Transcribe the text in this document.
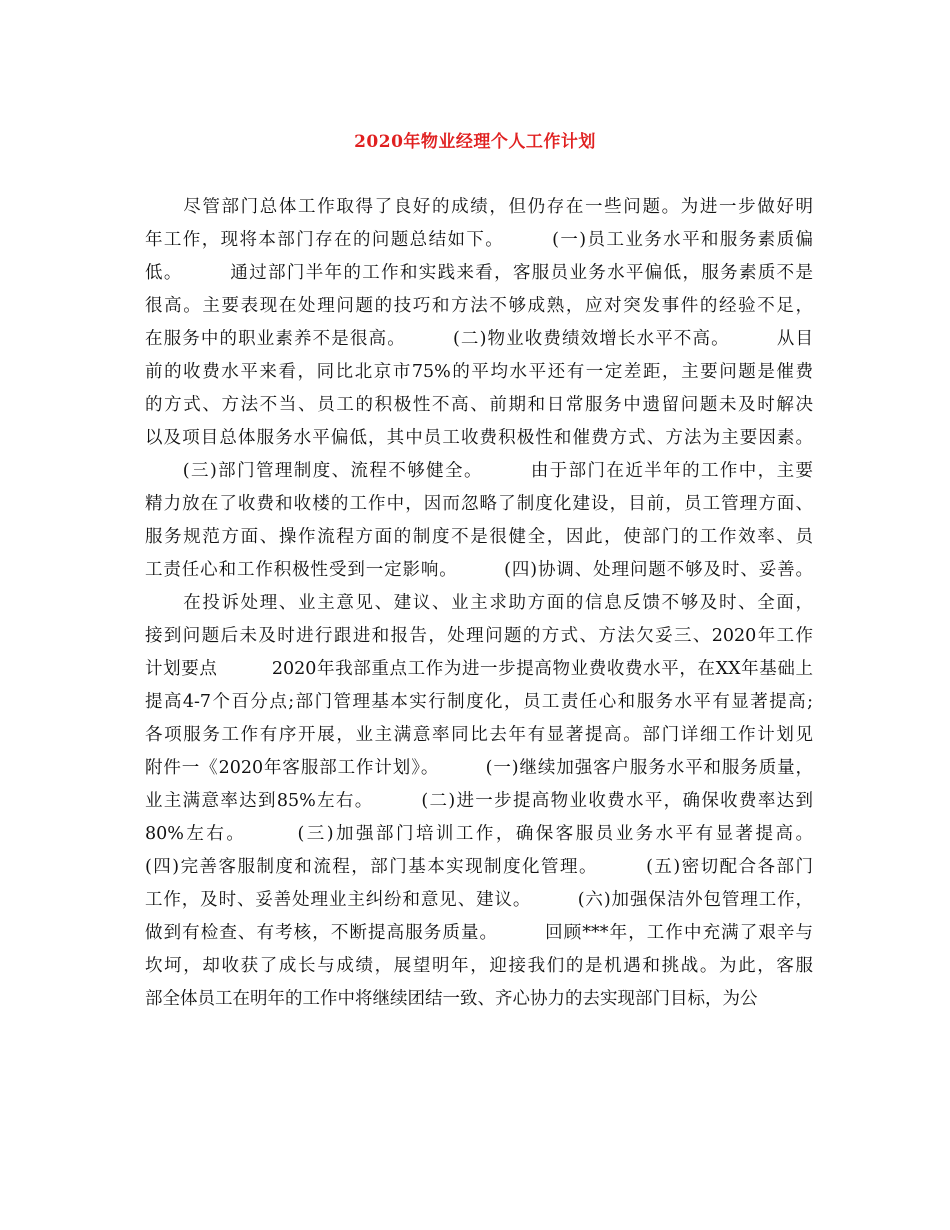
2020年物业经理个人工作计划
　　尽管部门总体工作取得了良好的成绩，但仍存在一些问题。为进一步做好明
年工作，现将本部门存在的问题总结如下。　　　(一)员工业务水平和服务素质偏
低。　　　通过部门半年的工作和实践来看，客服员业务水平偏低，服务素质不是
很高。主要表现在处理问题的技巧和方法不够成熟，应对突发事件的经验不足，
在服务中的职业素养不是很高。　　　(二)物业收费绩效增长水平不高。　　　从目
前的收费水平来看，同比北京市75%的平均水平还有一定差距，主要问题是催费
的方式、方法不当、员工的积极性不高、前期和日常服务中遗留问题未及时解决
以及项目总体服务水平偏低，其中员工收费积极性和催费方式、方法为主要因素。
　　(三)部门管理制度、流程不够健全。　　　由于部门在近半年的工作中，主要
精力放在了收费和收楼的工作中，因而忽略了制度化建设，目前，员工管理方面、
服务规范方面、操作流程方面的制度不是很健全，因此，使部门的工作效率、员
工责任心和工作积极性受到一定影响。　　　(四)协调、处理问题不够及时、妥善。
　　在投诉处理、业主意见、建议、业主求助方面的信息反馈不够及时、全面，
接到问题后未及时进行跟进和报告，处理问题的方式、方法欠妥三、2020年工作
计划要点　　　2020年我部重点工作为进一步提高物业费收费水平，在XX年基础上
提高4-7个百分点;部门管理基本实行制度化，员工责任心和服务水平有显著提高;
各项服务工作有序开展，业主满意率同比去年有显著提高。部门详细工作计划见
附件一《2020年客服部工作计划》。　　　(一)继续加强客户服务水平和服务质量，
业主满意率达到85%左右。　　　(二)进一步提高物业收费水平，确保收费率达到
80%左右。　　　(三)加强部门培训工作，确保客服员业务水平有显著提高。
(四)完善客服制度和流程，部门基本实现制度化管理。　　　(五)密切配合各部门
工作，及时、妥善处理业主纠纷和意见、建议。　　　(六)加强保洁外包管理工作，
做到有检查、有考核，不断提高服务质量。　　　回顾***年，工作中充满了艰辛与
坎坷，却收获了成长与成绩，展望明年，迎接我们的是机遇和挑战。为此，客服
部全体员工在明年的工作中将继续团结一致、齐心协力的去实现部门目标，为公
